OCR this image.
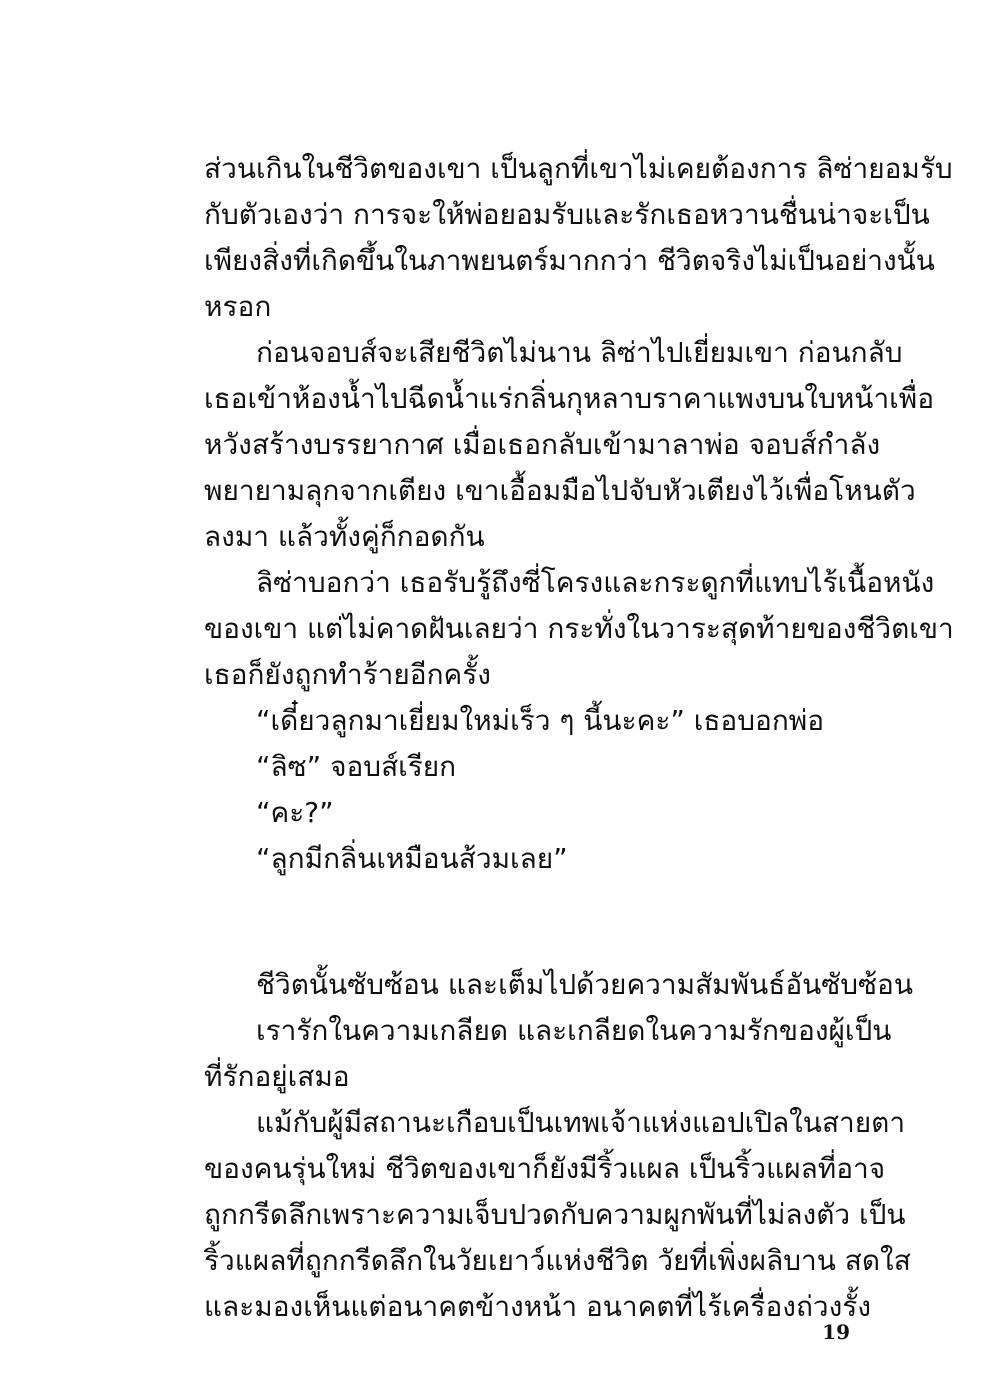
ส่วนเกินในชีวิตของเขา เป็นลูกที่เขาไม่เคยต้องการ ลิซ่ายอมรับ
กับตัวเองว่า การจะให้พ่อยอมรับและรักเธอหวานชื่นน่าจะเป็น
เพียงสิ่งที่เกิดขึ้นในภาพยนตร์มากกว่า ชีวิตจริงไม่เป็นอย่างนั้น
หรอก
ก่อนจอบส์จะเสียชีวิตไม่นาน ลิซ่าไปเยี่ยมเขา ก่อนกลับ
เธอเข้าห้องน้ำไปฉีดน้ำแร่กลิ่นกุหลาบราคาแพงบนใบหน้าเพื่อ
หวังสร้างบรรยากาศ เมื่อเธอกลับเข้ามาลาพ่อ จอบส์กำลัง
พยายามลุกจากเตียง เขาเอื้อมมือไปจับหัวเตียงไว้เพื่อโหนตัว
ลงมา แล้วทั้งคู่ก็กอดกัน
ลิซ่าบอกว่า เธอรับรู้ถึงซี่โครงและกระดูกที่แทบไร้เนื้อหนัง
ของเขา แต่ไม่คาดฝันเลยว่า กระทั่งในวาระสุดท้ายของชีวิตเขา
เธอก็ยังถูกทำร้ายอีกครั้ง
“เดี๋ยวลูกมาเยี่ยมใหม่เร็ว ๆ นี้นะคะ” เธอบอกพ่อ
“ลิซ” จอบส์เรียก
“คะ?”
“ลูกมีกลิ่นเหมือนส้วมเลย”
ชีวิตนั้นซับซ้อน และเต็มไปด้วยความสัมพันธ์อันซับซ้อน
เรารักในความเกลียด และเกลียดในความรักของผู้เป็น
ที่รักอยู่เสมอ
แม้กับผู้มีสถานะเกือบเป็นเทพเจ้าแห่งแอปเปิลในสายตา
ของคนรุ่นใหม่ ชีวิตของเขาก็ยังมีริ้วแผล เป็นริ้วแผลที่อาจ
ถูกกรีดลึกเพราะความเจ็บปวดกับความผูกพันที่ไม่ลงตัว เป็น
ริ้วแผลที่ถูกกรีดลึกในวัยเยาว์แห่งชีวิต วัยที่เพิ่งผลิบาน สดใส
และมองเห็นแต่อนาคตข้างหน้า อนาคตที่ไร้เครื่องถ่วงรั้ง
19
